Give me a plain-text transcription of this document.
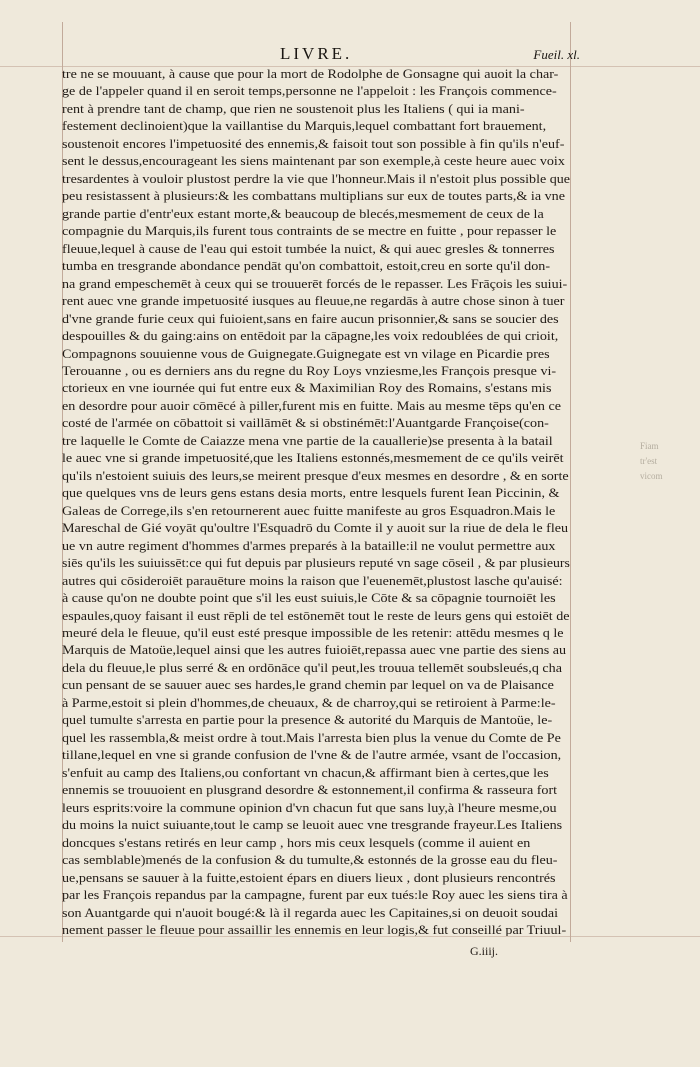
LIVRE.	Fueil. xl.

tre ne se mouuant, à cause que pour la mort de Rodolphe de Gonsagne qui auoit la char-

ge de l'appeler quand il en seroit temps,personne ne l'appeloit : les François commence-

rent à prendre tant de champ, que rien ne soustenoit plus les Italiens ( qui ia mani-

festement declinoient)que la vaillantise du Marquis,lequel combattant fort brauement,

soustenoit encores l'impetuosité des ennemis,& faisoit tout son possible à fin qu'ils n'euf-

sent le dessus,encourageant les siens maintenant par son exemple,à ceste heure auec voix

tresardentes à vouloir plustost perdre la vie que l'honneur.Mais il n'estoit plus possible que

peu resistassent à plusieurs:& les combattans multiplians sur eux de toutes parts,& ia vne

grande partie d'entr'eux estant morte,& beaucoup de blecés,mesmement de ceux de la

compagnie du Marquis,ils furent tous contraints de se mectre en fuitte , pour repasser le

fleuue,lequel à cause de l'eau qui estoit tumbée la nuict, & qui auec gresles & tonnerres

tumba en tresgrande abondance pendāt qu'on combattoit, estoit,creu en sorte qu'il don-

na grand empeschemēt à ceux qui se trouuerēt forcés de le repasser. Les Frāçois les suiui-

rent auec vne grande impetuosité iusques au fleuue,ne regardās à autre chose sinon à tuer

d'vne grande furie ceux qui fuioient,sans en faire aucun prisonnier,& sans se soucier des

despouilles & du gaing:ains on entēdoit par la cāpagne,les voix redoublées de qui crioit,

Compagnons souuienne vous de Guignegate.Guignegate est vn vilage en Picardie pres

Terouanne , ou es derniers ans du regne du Roy Loys vnziesme,les François presque vi-

ctorieux en vne iournée qui fut entre eux & Maximilian Roy des Romains, s'estans mis

en desordre pour auoir cōmēcé à piller,furent mis en fuitte. Mais au mesme tēps qu'en ce

costé de l'armée on cōbattoit si vaillāmēt & si obstinémēt:l'Auantgarde Françoise(con-

tre laquelle le Comte de Caiazze mena vne partie de la cauallerie)se presenta à la batail

le auec vne si grande impetuosité,que les Italiens estonnés,mesmement de ce qu'ils veirēt

qu'ils n'estoient suiuis des leurs,se meirent presque d'eux mesmes en desordre , & en sorte

que quelques vns de leurs gens estans desia morts, entre lesquels furent Iean Piccinin, &

Galeas de Correge,ils s'en retournerent auec fuitte manifeste au gros Esquadron.Mais le

Mareschal de Gié voyāt qu'oultre l'Esquadrō du Comte il y auoit sur la riue de dela le fleu

ue vn autre regiment d'hommes d'armes preparés à la bataille:il ne voulut permettre aux

siēs qu'ils les suiuissēt:ce qui fut depuis par plusieurs reputé vn sage cōseil , & par plusieurs

autres qui cōsideroiēt parauēture moins la raison que l'euenemēt,plustost lasche qu'auisé:

à cause qu'on ne doubte point que s'il les eust suiuis,le Cōte & sa cōpagnie tournoiēt les

espaules,quoy faisant il eust rēpli de tel estōnemēt tout le reste de leurs gens qui estoiēt de

meuré dela le fleuue, qu'il eust esté presque impossible de les retenir: attēdu mesmes q le

Marquis de Matoüe,lequel ainsi que les autres fuioiēt,repassa auec vne partie des siens au

dela du fleuue,le plus serré & en ordōnāce qu'il peut,les trouua tellemēt soubsleués,q cha

cun pensant de se sauuer auec ses hardes,le grand chemin par lequel on va de Plaisance

à Parme,estoit si plein d'hommes,de cheuaux, & de charroy,qui se retiroient à Parme:le-

quel tumulte s'arresta en partie pour la presence & autorité du Marquis de Mantoüe, le-

quel les rassembla,& meist ordre à tout.Mais l'arresta bien plus la venue du Comte de Pe

tillane,lequel en vne si grande confusion de l'vne & de l'autre armée, vsant de l'occasion,

s'enfuit au camp des Italiens,ou confortant vn chacun,& affirmant bien à certes,que les

ennemis se trouuoient en plusgrand desordre & estonnement,il confirma & rasseura fort

leurs esprits:voire la commune opinion d'vn chacun fut que sans luy,à l'heure mesme,ou

du moins la nuict suiuante,tout le camp se leuoit auec vne tresgrande frayeur.Les Italiens

doncques s'estans retirés en leur camp , hors mis ceux lesquels (comme il auient en

cas semblable)menés de la confusion & du tumulte,& estonnés de la grosse eau du fleu-

ue,pensans se sauuer à la fuitte,estoient épars en diuers lieux , dont plusieurs rencontrés

par les François repandus par la campagne, furent par eux tués:le Roy auec les siens tira à

son Auantgarde qui n'auoit bougé:& là il regarda auec les Capitaines,si on deuoit soudai

nement passer le fleuue pour assaillir les ennemis en leur logis,& fut conseillé par Triuul-

G.iiij.
Fiam
tr'est
vicom
